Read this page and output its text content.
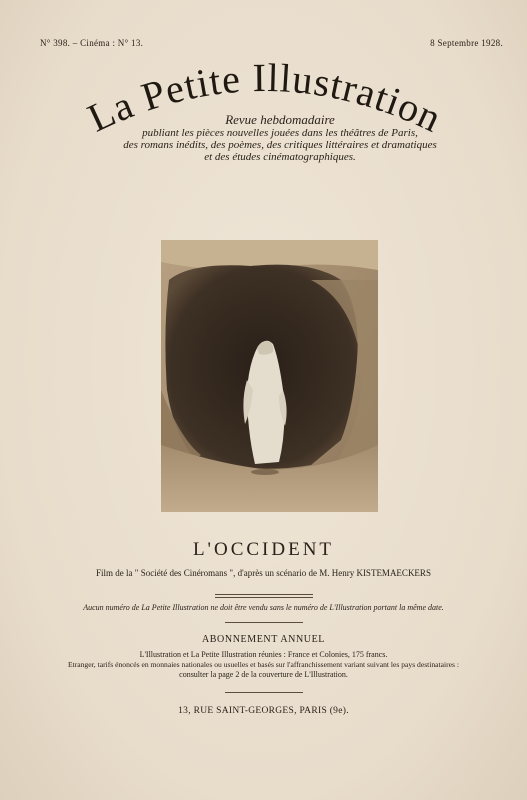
N° 398. – Cinéma : N° 13.	8 Septembre 1928.
La Petite Illustration
Revue hebdomadaire
publiant les pièces nouvelles jouées dans les théâtres de Paris,
des romans inédits, des poèmes, des critiques littéraires et dramatiques
et des études cinématographiques.
L'OCCIDENT
Film de la " Société des Cinéromans ", d'après un scénario de M. Henry KISTEMAECKERS
Aucun numéro de La Petite Illustration ne doit être vendu sans le numéro de L'Illustration portant la même date.
ABONNEMENT ANNUEL
L'Illustration et La Petite Illustration réunies : France et Colonies, 175 francs.
Etranger, tarifs énoncés en monnaies nationales ou usuelles et basés sur l'affranchissement variant suivant les pays destinataires :
consulter la page 2 de la couverture de L'Illustration.
13, RUE SAINT-GEORGES, PARIS (9e).
